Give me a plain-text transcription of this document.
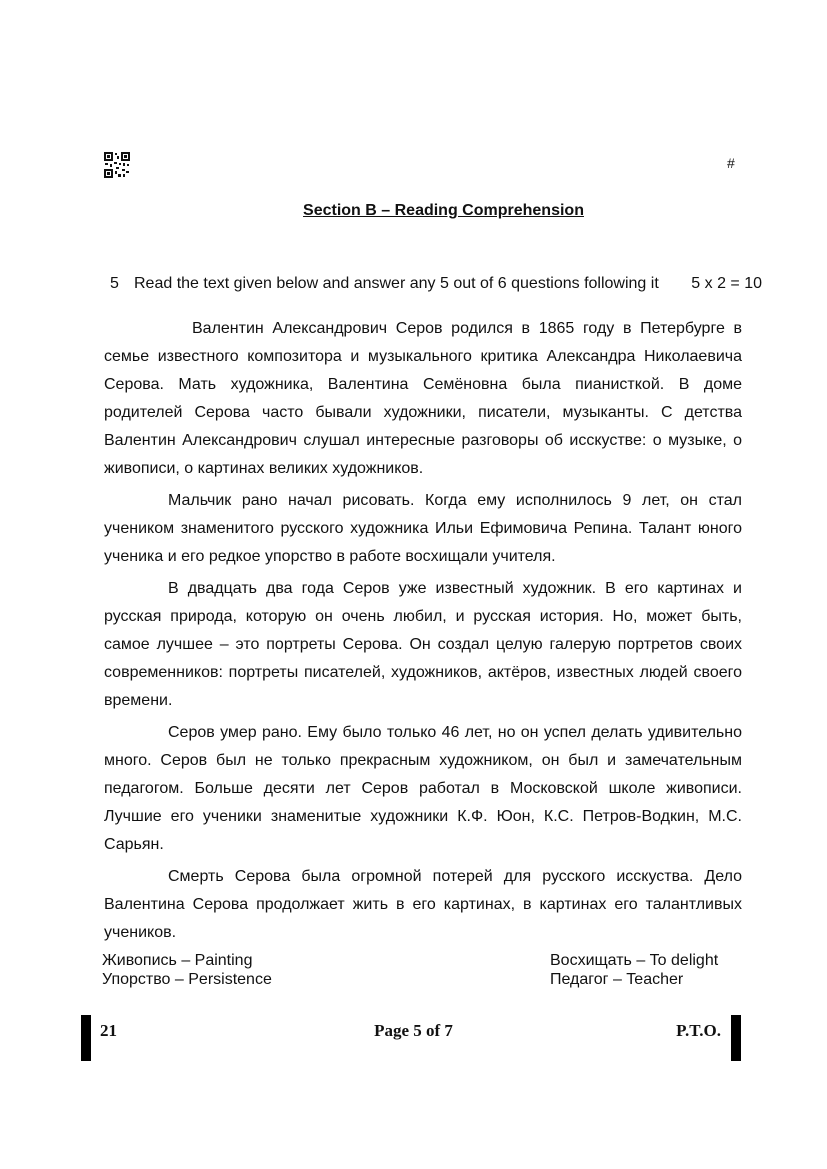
#
Section B – Reading Comprehension
5 Read the text given below and answer any 5 out of 6 questions following it 5 x 2 = 10

Валентин Александрович Серов родился в 1865 году в Петербурге в семье известного композитора и музыкального критика Александра Николаевича Серова. Мать художника, Валентина Семёновна была пианисткой. В доме родителей Серова часто бывали художники, писатели, музыканты. С детства Валентин Александрович слушал интересные разговоры об исскустве: о музыке, о живописи, о картинах великих художников.

Мальчик рано начал рисовать. Когда ему исполнилось 9 лет, он стал учеником знаменитого русского художника Ильи Ефимовича Репина. Талант юного ученика и его редкое упорство в работе восхищали учителя.

В двадцать два года Серов уже известный художник. В его картинах и русская природа, которую он очень любил, и русская история. Но, может быть, самое лучшее – это портреты Серова. Он создал целую галерую портретов своих современников: портреты писателей, художников, актёров, известных людей своего времени.

Серов умер рано. Ему было только 46 лет, но он успел делать удивительно много. Серов был не только прекрасным художником, он был и замечательным педагогом. Больше десяти лет Серов работал в Московской школе живописи. Лучшие его ученики знаменитые художники К.Ф. Юон, К.С. Петров-Водкин, М.С. Сарьян.

Смерть Серова была огромной потерей для русского исскуства. Дело Валентина Серова продолжает жить в его картинах, в картинах его талантливых учеников.

Живопись – Painting
Упорство – Persistence
Восхищать – To delight
Педагог – Teacher
21	Page 5 of 7	P.T.O.
